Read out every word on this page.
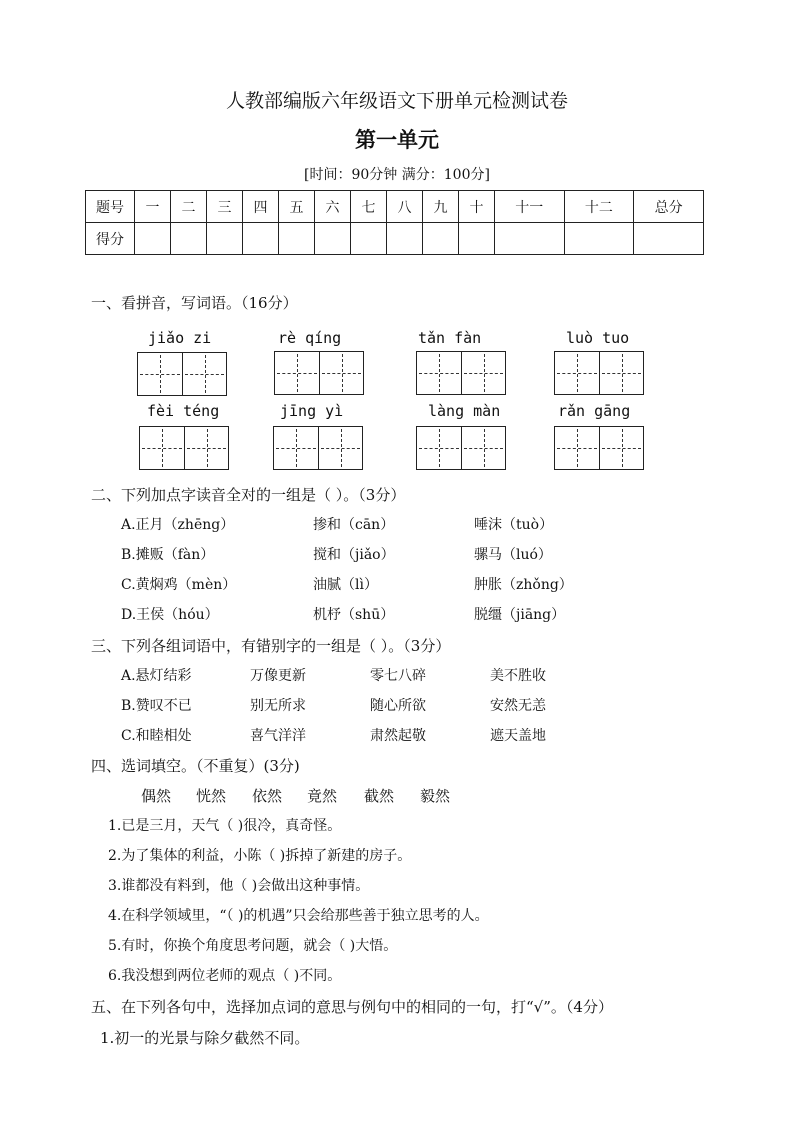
人教部编版六年级语文下册单元检测试卷
第一单元
[时间：90分钟 满分：100分]
题号	一	二	三	四	五	六	七	八	九	十	十一	十二	总分
得分													
一、看拼音，写词语。（16分）
jiǎo zi	rè qíng	tǎn fàn	luò tuo
fèi téng	jīng yì	làng màn	rǎn gāng
二、下列加点字读音全对的一组是（ ）。（3分）
A.正月（zhēng）	掺和（cān）	唾沫（tuò）
B.摊贩（fàn）	搅和（jiǎo）	骡马（luó）
C.黄焖鸡（mèn）	油腻（lì）	肿胀（zhǒng）
D.王侯（hóu）	机杼（shū）	脱缰（jiāng）
三、下列各组词语中，有错别字的一组是（ ）。（3分）
A.悬灯结彩	万像更新	零七八碎	美不胜收
B.赞叹不已	别无所求	随心所欲	安然无恙
C.和睦相处	喜气洋洋	肃然起敬	遮天盖地
四、选词填空。（不重复）(3分)
偶然 恍然 依然 竟然 截然 毅然
1.已是三月，天气（ )很冷，真奇怪。
2.为了集体的利益，小陈（ )拆掉了新建的房子。
3.谁都没有料到，他（ )会做出这种事情。
4.在科学领域里，“（ )的机遇”只会给那些善于独立思考的人。
5.有时，你换个角度思考问题，就会（ )大悟。
6.我没想到两位老师的观点（ )不同。
五、在下列各句中，选择加点词的意思与例句中的相同的一句，打“√”。（4分）
1.初一的光景与除夕截然不同。
